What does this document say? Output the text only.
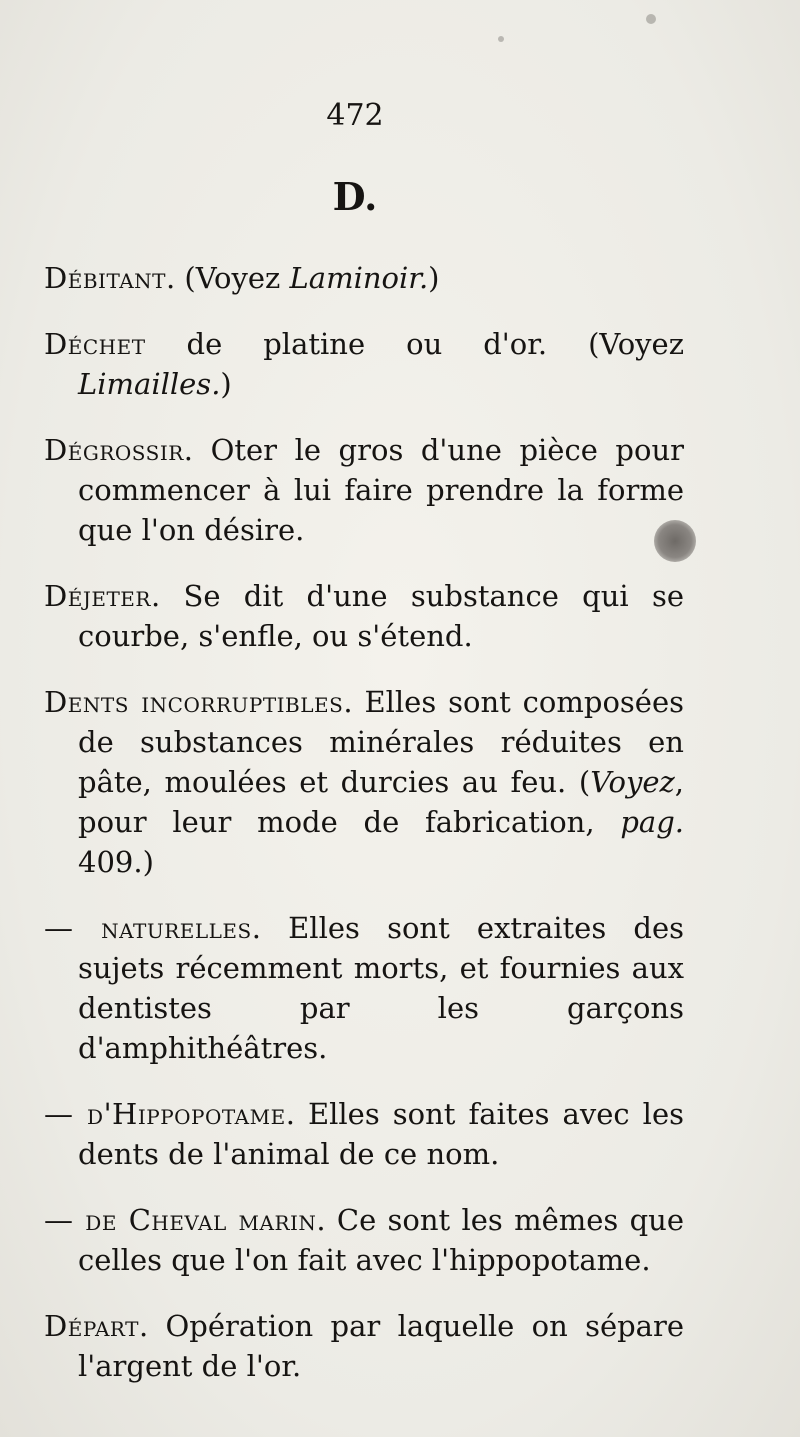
472
D.

Débitant. (Voyez Laminoir.)

Déchet de platine ou d'or. (Voyez Limailles.)

Dégrossir. Oter le gros d'une pièce pour commencer à lui faire prendre la forme que l'on désire.

Déjeter. Se dit d'une substance qui se courbe, s'enfle, ou s'étend.

Dents incorruptibles. Elles sont composées de substances minérales réduites en pâte, moulées et durcies au feu. (Voyez, pour leur mode de fabrication, pag. 409.)

— naturelles. Elles sont extraites des sujets récemment morts, et fournies aux dentistes par les garçons d'amphithéâtres.

— d'Hippopotame. Elles sont faites avec les dents de l'animal de ce nom.

— de Cheval marin. Ce sont les mêmes que celles que l'on fait avec l'hippopotame.

Départ. Opération par laquelle on sépare l'argent de l'or.
